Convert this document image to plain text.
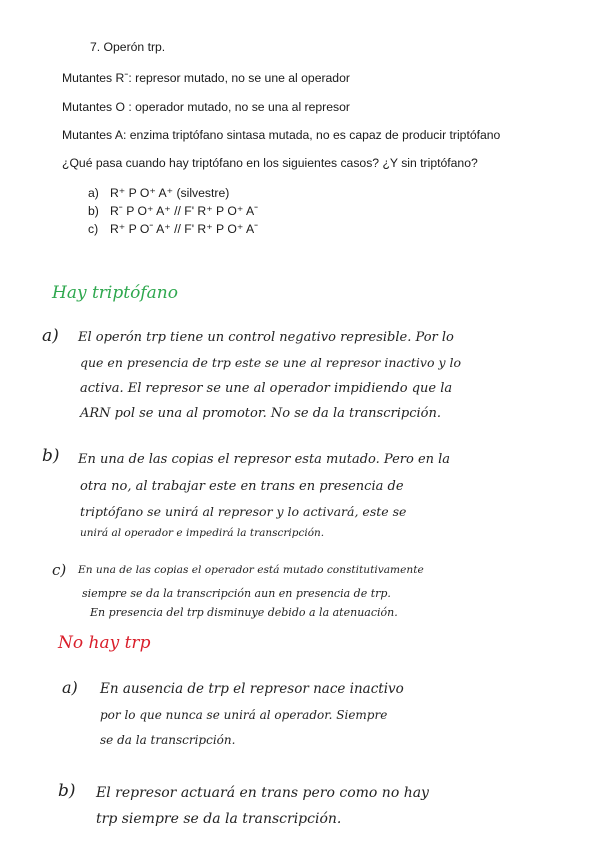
7. Operón trp.
Mutantes Rˉ: represor mutado, no se une al operador
Mutantes O : operador mutado, no se una al represor
Mutantes A: enzima triptófano sintasa mutada, no es capaz de producir triptófano
¿Qué pasa cuando hay triptófano en los siguientes casos? ¿Y sin triptófano?
a) R⁺ P O⁺ A⁺ (silvestre)
b) Rˉ P O⁺ A⁺ // F' R⁺ P O⁺ Aˉ
c) R⁺ P Oˉ A⁺ // F' R⁺ P O⁺ Aˉ
Hay triptófano
a) El operón trp tiene un control negativo represible. Por lo
que en presencia de trp este se une al represor inactivo y lo
activa. El represor se une al operador impidiendo que la
ARN pol se una al promotor. No se da la transcripción.
b) En una de las copias el represor esta mutado. Pero en la
otra no, al trabajar este en trans en presencia de
triptófano se unirá al represor y lo activará, este se
unirá al operador e impedirá la transcripción.
c) En una de las copias el operador está mutado constitutivamente
siempre se da la transcripción aun en presencia de trp.
En presencia del trp disminuye debido a la atenuación.
No hay trp
a) En ausencia de trp el represor nace inactivo
por lo que nunca se unirá al operador. Siempre
se da la transcripción.
b) El represor actuará en trans pero como no hay
trp siempre se da la transcripción.
